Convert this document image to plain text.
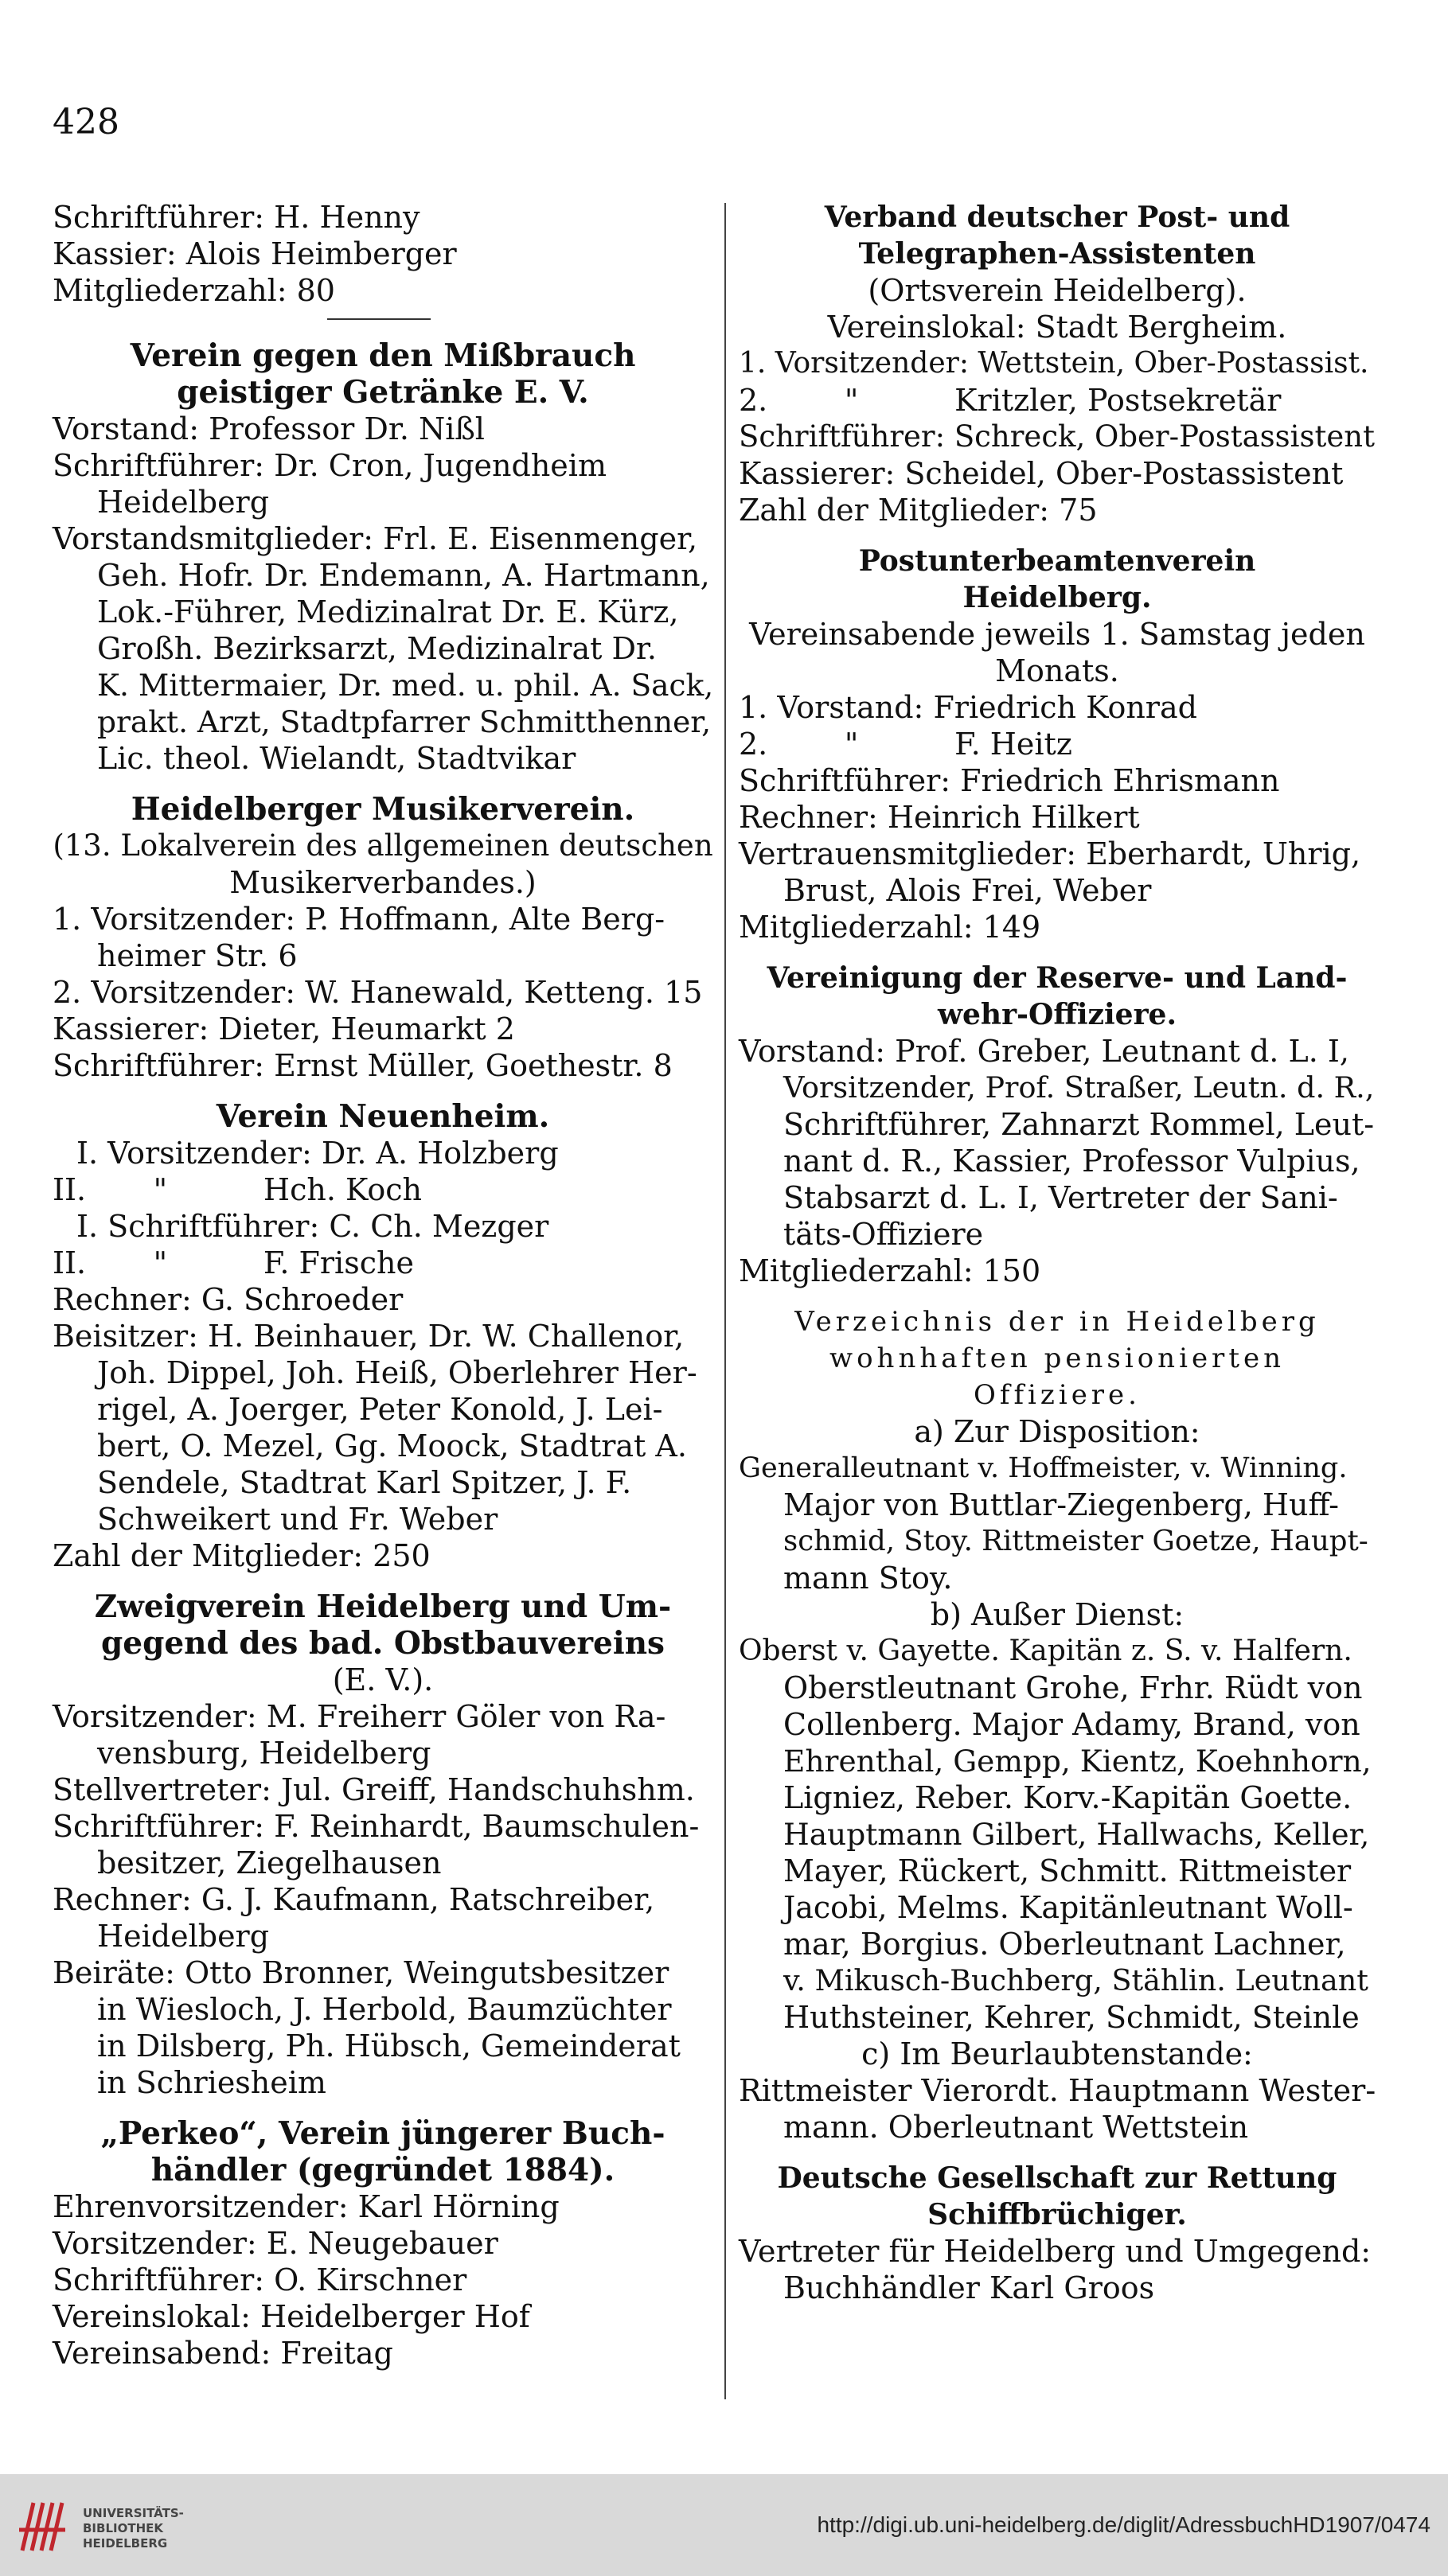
428
Schriftführer: H. Henny
Kassier: Alois Heimberger
Mitgliederzahl: 80
Verein gegen den Mißbrauch
geistiger Getränke E. V.
Vorstand: Professor Dr. Nißl
Schriftführer: Dr. Cron, Jugendheim
Heidelberg
Vorstandsmitglieder: Frl. E. Eisenmenger,
Geh. Hofr. Dr. Endemann, A. Hartmann,
Lok.-Führer, Medizinalrat Dr. E. Kürz,
Großh. Bezirksarzt, Medizinalrat Dr.
K. Mittermaier, Dr. med. u. phil. A. Sack,
prakt. Arzt, Stadtpfarrer Schmitthenner,
Lic. theol. Wielandt, Stadtvikar
Heidelberger Musikerverein.
(13. Lokalverein des allgemeinen deutschen
Musikerverbandes.)
1. Vorsitzender: P. Hoffmann, Alte Berg-
heimer Str. 6
2. Vorsitzender: W. Hanewald, Ketteng. 15
Kassierer: Dieter, Heumarkt 2
Schriftführer: Ernst Müller, Goethestr. 8
Verein Neuenheim.
I. Vorsitzender: Dr. A. Holzberg
II.       "          Hch. Koch
I. Schriftführer: C. Ch. Mezger
II.       "          F. Frische
Rechner: G. Schroeder
Beisitzer: H. Beinhauer, Dr. W. Challenor,
Joh. Dippel, Joh. Heiß, Oberlehrer Her-
rigel, A. Joerger, Peter Konold, J. Lei-
bert, O. Mezel, Gg. Moock, Stadtrat A.
Sendele, Stadtrat Karl Spitzer, J. F.
Schweikert und Fr. Weber
Zahl der Mitglieder: 250
Zweigverein Heidelberg und Um-
gegend des bad. Obstbauvereins
(E. V.).
Vorsitzender: M. Freiherr Göler von Ra-
vensburg, Heidelberg
Stellvertreter: Jul. Greiff, Handschuhshm.
Schriftführer: F. Reinhardt, Baumschulen-
besitzer, Ziegelhausen
Rechner: G. J. Kaufmann, Ratschreiber,
Heidelberg
Beiräte: Otto Bronner, Weingutsbesitzer
in Wiesloch, J. Herbold, Baumzüchter
in Dilsberg, Ph. Hübsch, Gemeinderat
in Schriesheim
„Perkeo“, Verein jüngerer Buch-
händler (gegründet 1884).
Ehrenvorsitzender: Karl Hörning
Vorsitzender: E. Neugebauer
Schriftführer: O. Kirschner
Vereinslokal: Heidelberger Hof
Vereinsabend: Freitag
Verband deutscher Post- und
Telegraphen-Assistenten
(Ortsverein Heidelberg).
Vereinslokal: Stadt Bergheim.
1. Vorsitzender: Wettstein, Ober-Postassist.
2.        "          Kritzler, Postsekretär
Schriftführer: Schreck, Ober-Postassistent
Kassierer: Scheidel, Ober-Postassistent
Zahl der Mitglieder: 75
Postunterbeamtenverein
Heidelberg.
Vereinsabende jeweils 1. Samstag jeden
Monats.
1. Vorstand: Friedrich Konrad
2.        "          F. Heitz
Schriftführer: Friedrich Ehrismann
Rechner: Heinrich Hilkert
Vertrauensmitglieder: Eberhardt, Uhrig,
Brust, Alois Frei, Weber
Mitgliederzahl: 149
Vereinigung der Reserve- und Land-
wehr-Offiziere.
Vorstand: Prof. Greber, Leutnant d. L. I,
Vorsitzender, Prof. Straßer, Leutn. d. R.,
Schriftführer, Zahnarzt Rommel, Leut-
nant d. R., Kassier, Professor Vulpius,
Stabsarzt d. L. I, Vertreter der Sani-
täts-Offiziere
Mitgliederzahl: 150
Verzeichnis der in Heidelberg
wohnhaften pensionierten
Offiziere.
a) Zur Disposition:
Generalleutnant v. Hoffmeister, v. Winning.
Major von Buttlar-Ziegenberg, Huff-
schmid, Stoy. Rittmeister Goetze, Haupt-
mann Stoy.
b) Außer Dienst:
Oberst v. Gayette. Kapitän z. S. v. Halfern.
Oberstleutnant Grohe, Frhr. Rüdt von
Collenberg. Major Adamy, Brand, von
Ehrenthal, Gempp, Kientz, Koehnhorn,
Ligniez, Reber. Korv.-Kapitän Goette.
Hauptmann Gilbert, Hallwachs, Keller,
Mayer, Rückert, Schmitt. Rittmeister
Jacobi, Melms. Kapitänleutnant Woll-
mar, Borgius. Oberleutnant Lachner,
v. Mikusch-Buchberg, Stählin. Leutnant
Huthsteiner, Kehrer, Schmidt, Steinle
c) Im Beurlaubtenstande:
Rittmeister Vierordt. Hauptmann Wester-
mann. Oberleutnant Wettstein
Deutsche Gesellschaft zur Rettung
Schiffbrüchiger.
Vertreter für Heidelberg und Umgegend:
Buchhändler Karl Groos
UNIVERSITÄTS-
BIBLIOTHEK
HEIDELBERG
http://digi.ub.uni-heidelberg.de/diglit/AdressbuchHD1907/0474
